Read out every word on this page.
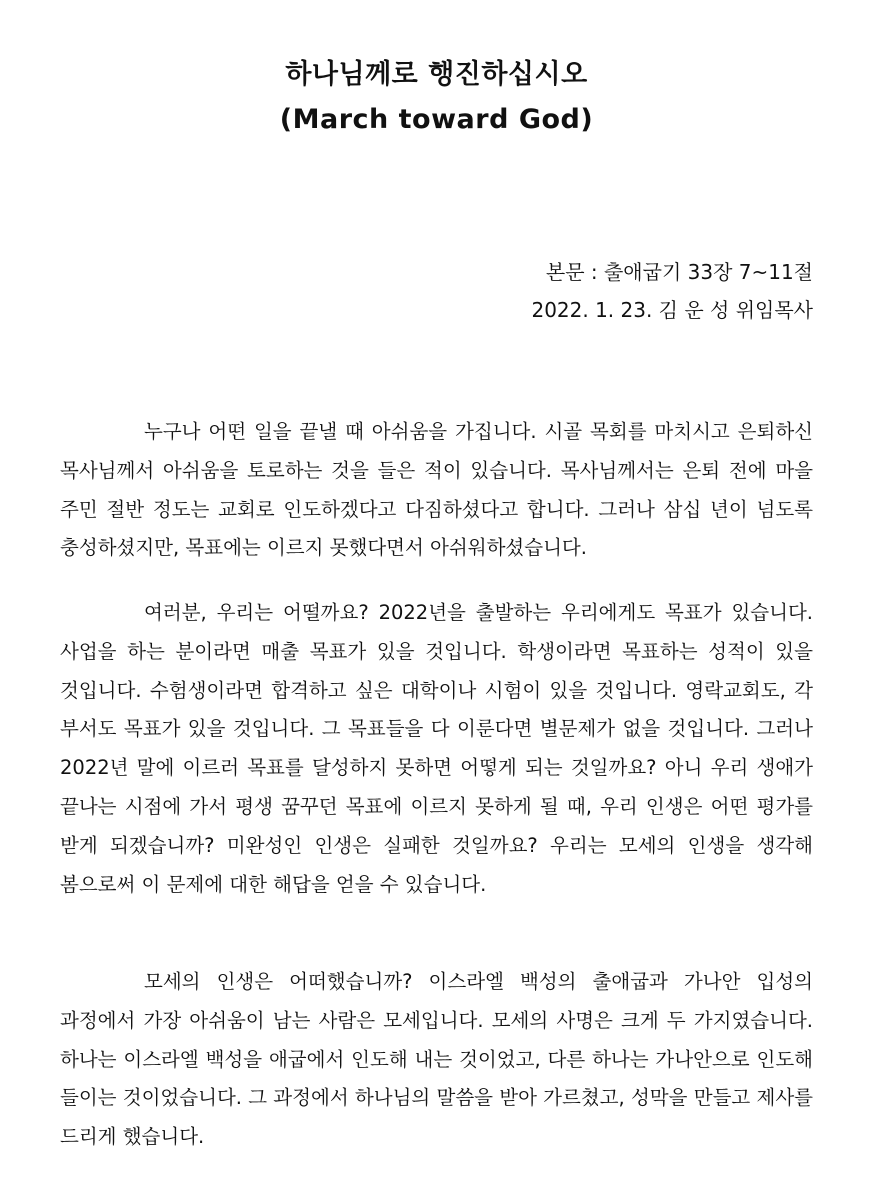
하나님께로 행진하십시오
(March toward God)

본문 : 출애굽기 33장 7~11절

2022. 1. 23. 김 운 성 위임목사

누구나 어떤 일을 끝낼 때 아쉬움을 가집니다. 시골 목회를 마치시고 은퇴하신 목사님께서 아쉬움을 토로하는 것을 들은 적이 있습니다. 목사님께서는 은퇴 전에 마을 주민 절반 정도는 교회로 인도하겠다고 다짐하셨다고 합니다. 그러나 삼십 년이 넘도록 충성하셨지만, 목표에는 이르지 못했다면서 아쉬워하셨습니다.

여러분, 우리는 어떨까요? 2022년을 출발하는 우리에게도 목표가 있습니다. 사업을 하는 분이라면 매출 목표가 있을 것입니다. 학생이라면 목표하는 성적이 있을 것입니다. 수험생이라면 합격하고 싶은 대학이나 시험이 있을 것입니다. 영락교회도, 각 부서도 목표가 있을 것입니다. 그 목표들을 다 이룬다면 별문제가 없을 것입니다. 그러나 2022년 말에 이르러 목표를 달성하지 못하면 어떻게 되는 것일까요? 아니 우리 생애가 끝나는 시점에 가서 평생 꿈꾸던 목표에 이르지 못하게 될 때, 우리 인생은 어떤 평가를 받게 되겠습니까? 미완성인 인생은 실패한 것일까요? 우리는 모세의 인생을 생각해 봄으로써 이 문제에 대한 해답을 얻을 수 있습니다.

모세의 인생은 어떠했습니까? 이스라엘 백성의 출애굽과 가나안 입성의 과정에서 가장 아쉬움이 남는 사람은 모세입니다. 모세의 사명은 크게 두 가지였습니다. 하나는 이스라엘 백성을 애굽에서 인도해 내는 것이었고, 다른 하나는 가나안으로 인도해 들이는 것이었습니다. 그 과정에서 하나님의 말씀을 받아 가르쳤고, 성막을 만들고 제사를 드리게 했습니다.
